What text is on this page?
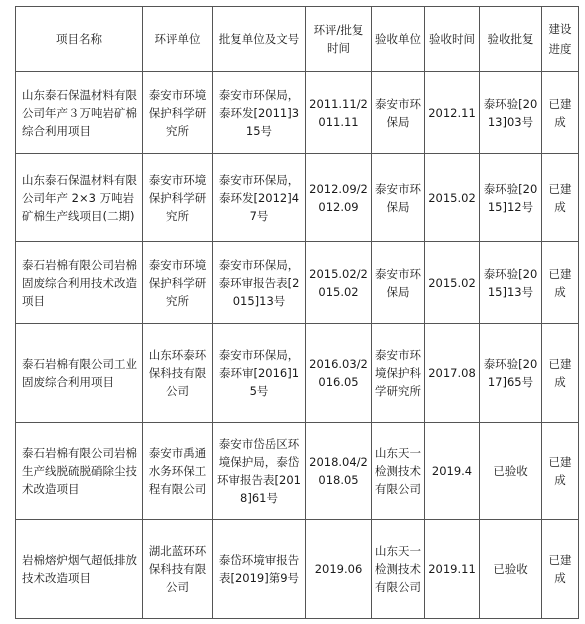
项目名称	环评单位	批复单位及文号	环评/批复时间	验收单位	验收时间	验收批复	建设进度

山东泰石保温材料有限公司年产３万吨岩矿棉综合利用项目	泰安市环境保护科学研究所	泰安市环保局，泰环发[2011]315号	2011.11/2011.11	泰安市环保局	2012.11	泰环验[2013]03号	已建成
山东泰石保温材料有限公司年产 2×3 万吨岩矿棉生产线项目(二期)	泰安市环境保护科学研究所	泰安市环保局，泰环发[2012]47号	2012.09/2012.09	泰安市环保局	2015.02	泰环验[2015]12号	已建成
泰石岩棉有限公司岩棉固废综合利用技术改造项目	泰安市环境保护科学研究所	泰安市环保局，泰环审报告表[2015]13号	2015.02/2015.02	泰安市环保局	2015.02	泰环验[2015]13号	已建成
泰石岩棉有限公司工业固废综合利用项目	山东环泰环保科技有限公司	泰安市环保局，泰环审[2016]15号	2016.03/2016.05	泰安市环境保护科学研究所	2017.08	泰环验[2017]65号	已建成
泰石岩棉有限公司岩棉生产线脱硫脱硝除尘技术改造项目	泰安市禹通水务环保工程有限公司	泰安市岱岳区环境保护局，泰岱环审报告表[2018]61号	2018.04/2018.05	山东天一检测技术有限公司	2019.4	已验收	已建成
岩棉熔炉烟气超低排放技术改造项目	湖北蓝环环保科技有限公司	泰岱环境审报告表[2019]第9号	2019.06	山东天一检测技术有限公司	2019.11	已验收	已建成
